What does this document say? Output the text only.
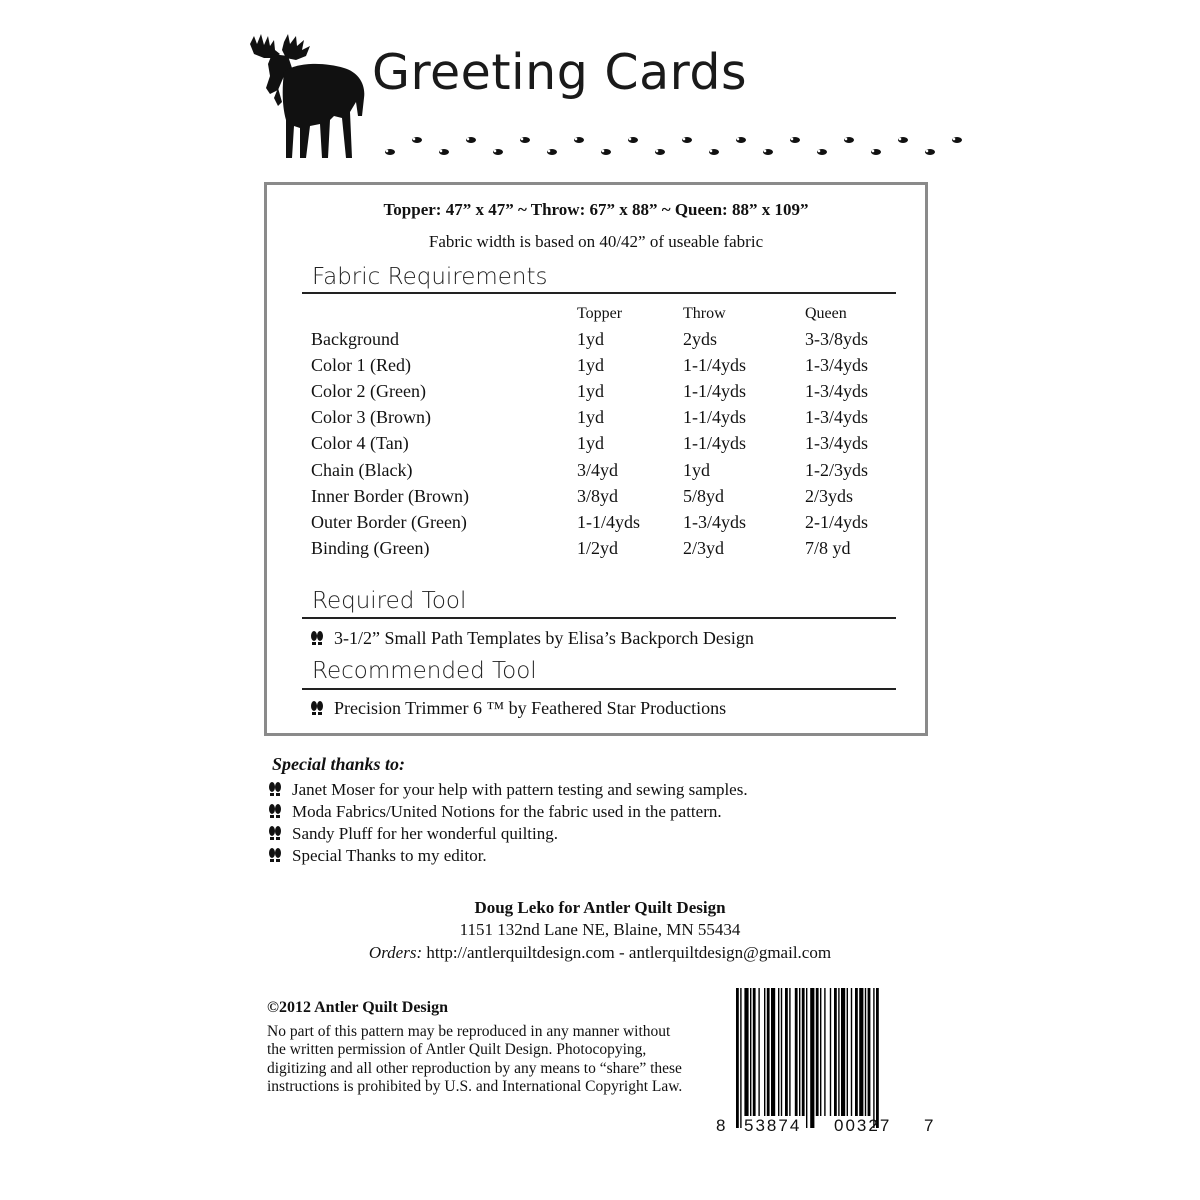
Greeting Cards
Topper: 47” x 47” ~ Throw: 67” x 88” ~ Queen: 88” x 109”
Fabric width is based on 40/42” of useable fabric
Fabric Requirements
	Topper	Throw	Queen
Background	1yd	2yds	3-3/8yds
Color 1 (Red)	1yd	1-1/4yds	1-3/4yds
Color 2 (Green)	1yd	1-1/4yds	1-3/4yds
Color 3 (Brown)	1yd	1-1/4yds	1-3/4yds
Color 4 (Tan)	1yd	1-1/4yds	1-3/4yds
Chain (Black)	3/4yd	1yd	1-2/3yds
Inner Border (Brown)	3/8yd	5/8yd	2/3yds
Outer Border (Green)	1-1/4yds	1-3/4yds	2-1/4yds
Binding (Green)	1/2yd	2/3yd	7/8 yd
Required Tool
3-1/2” Small Path Templates by Elisa’s Backporch Design
Recommended Tool
Precision Trimmer 6 ™ by Feathered Star Productions
Special thanks to:
Janet Moser for your help with pattern testing and sewing samples.
Moda Fabrics/United Notions for the fabric used in the pattern.
Sandy Pluff for her wonderful quilting.
Special Thanks to my editor.
Doug Leko for Antler Quilt Design
1151 132nd Lane NE, Blaine, MN 55434
Orders: http://antlerquiltdesign.com - antlerquiltdesign@gmail.com
©2012 Antler Quilt Design
No part of this pattern may be reproduced in any manner without the written permission of Antler Quilt Design. Photocopying, digitizing and all other reproduction by any means to “share” these instructions is prohibited by U.S. and International Copyright Law.
8 53874 00327 7
